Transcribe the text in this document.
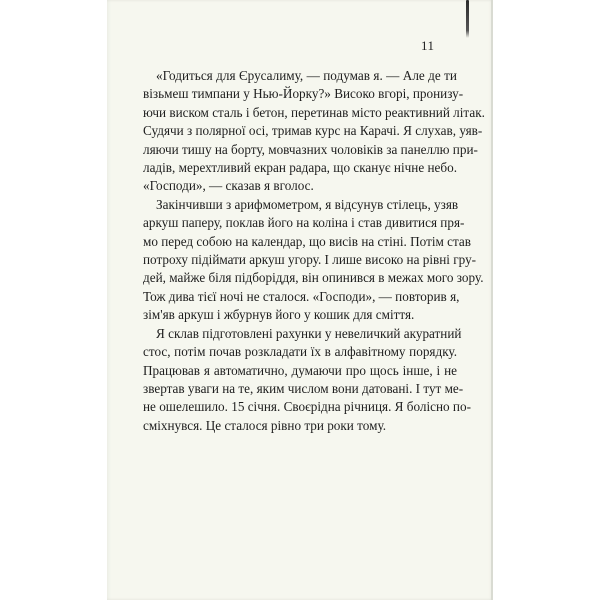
11
«Годиться для Єрусалиму, — подумав я. — Але де ти
візьмеш тимпани у Нью-Йорку?» Високо вгорі, пронизу-
ючи виском сталь і бетон, перетинав місто реактивний літак.
Судячи з полярної осі, тримав курс на Карачі. Я слухав, уяв-
ляючи тишу на борту, мовчазних чоловіків за панеллю при-
ладів, мерехтливий екран радара, що сканує нічне небо.
«Господи», — сказав я вголос.
Закінчивши з арифмометром, я відсунув стілець, узяв
аркуш паперу, поклав його на коліна і став дивитися пря-
мо перед собою на календар, що висів на стіні. Потім став
потроху підіймати аркуш угору. І лише високо на рівні гру-
дей, майже біля підборіддя, він опинився в межах мого зору.
Тож дива тієї ночі не сталося. «Господи», — повторив я,
зім'яв аркуш і жбурнув його у кошик для сміття.
Я склав підготовлені рахунки у невеличкий акуратний
стос, потім почав розкладати їх в алфавітному порядку.
Працював я автоматично, думаючи про щось інше, і не
звертав уваги на те, яким числом вони датовані. І тут ме-
не ошелешило. 15 січня. Своєрідна річниця. Я болісно по-
сміхнувся. Це сталося рівно три роки тому.
